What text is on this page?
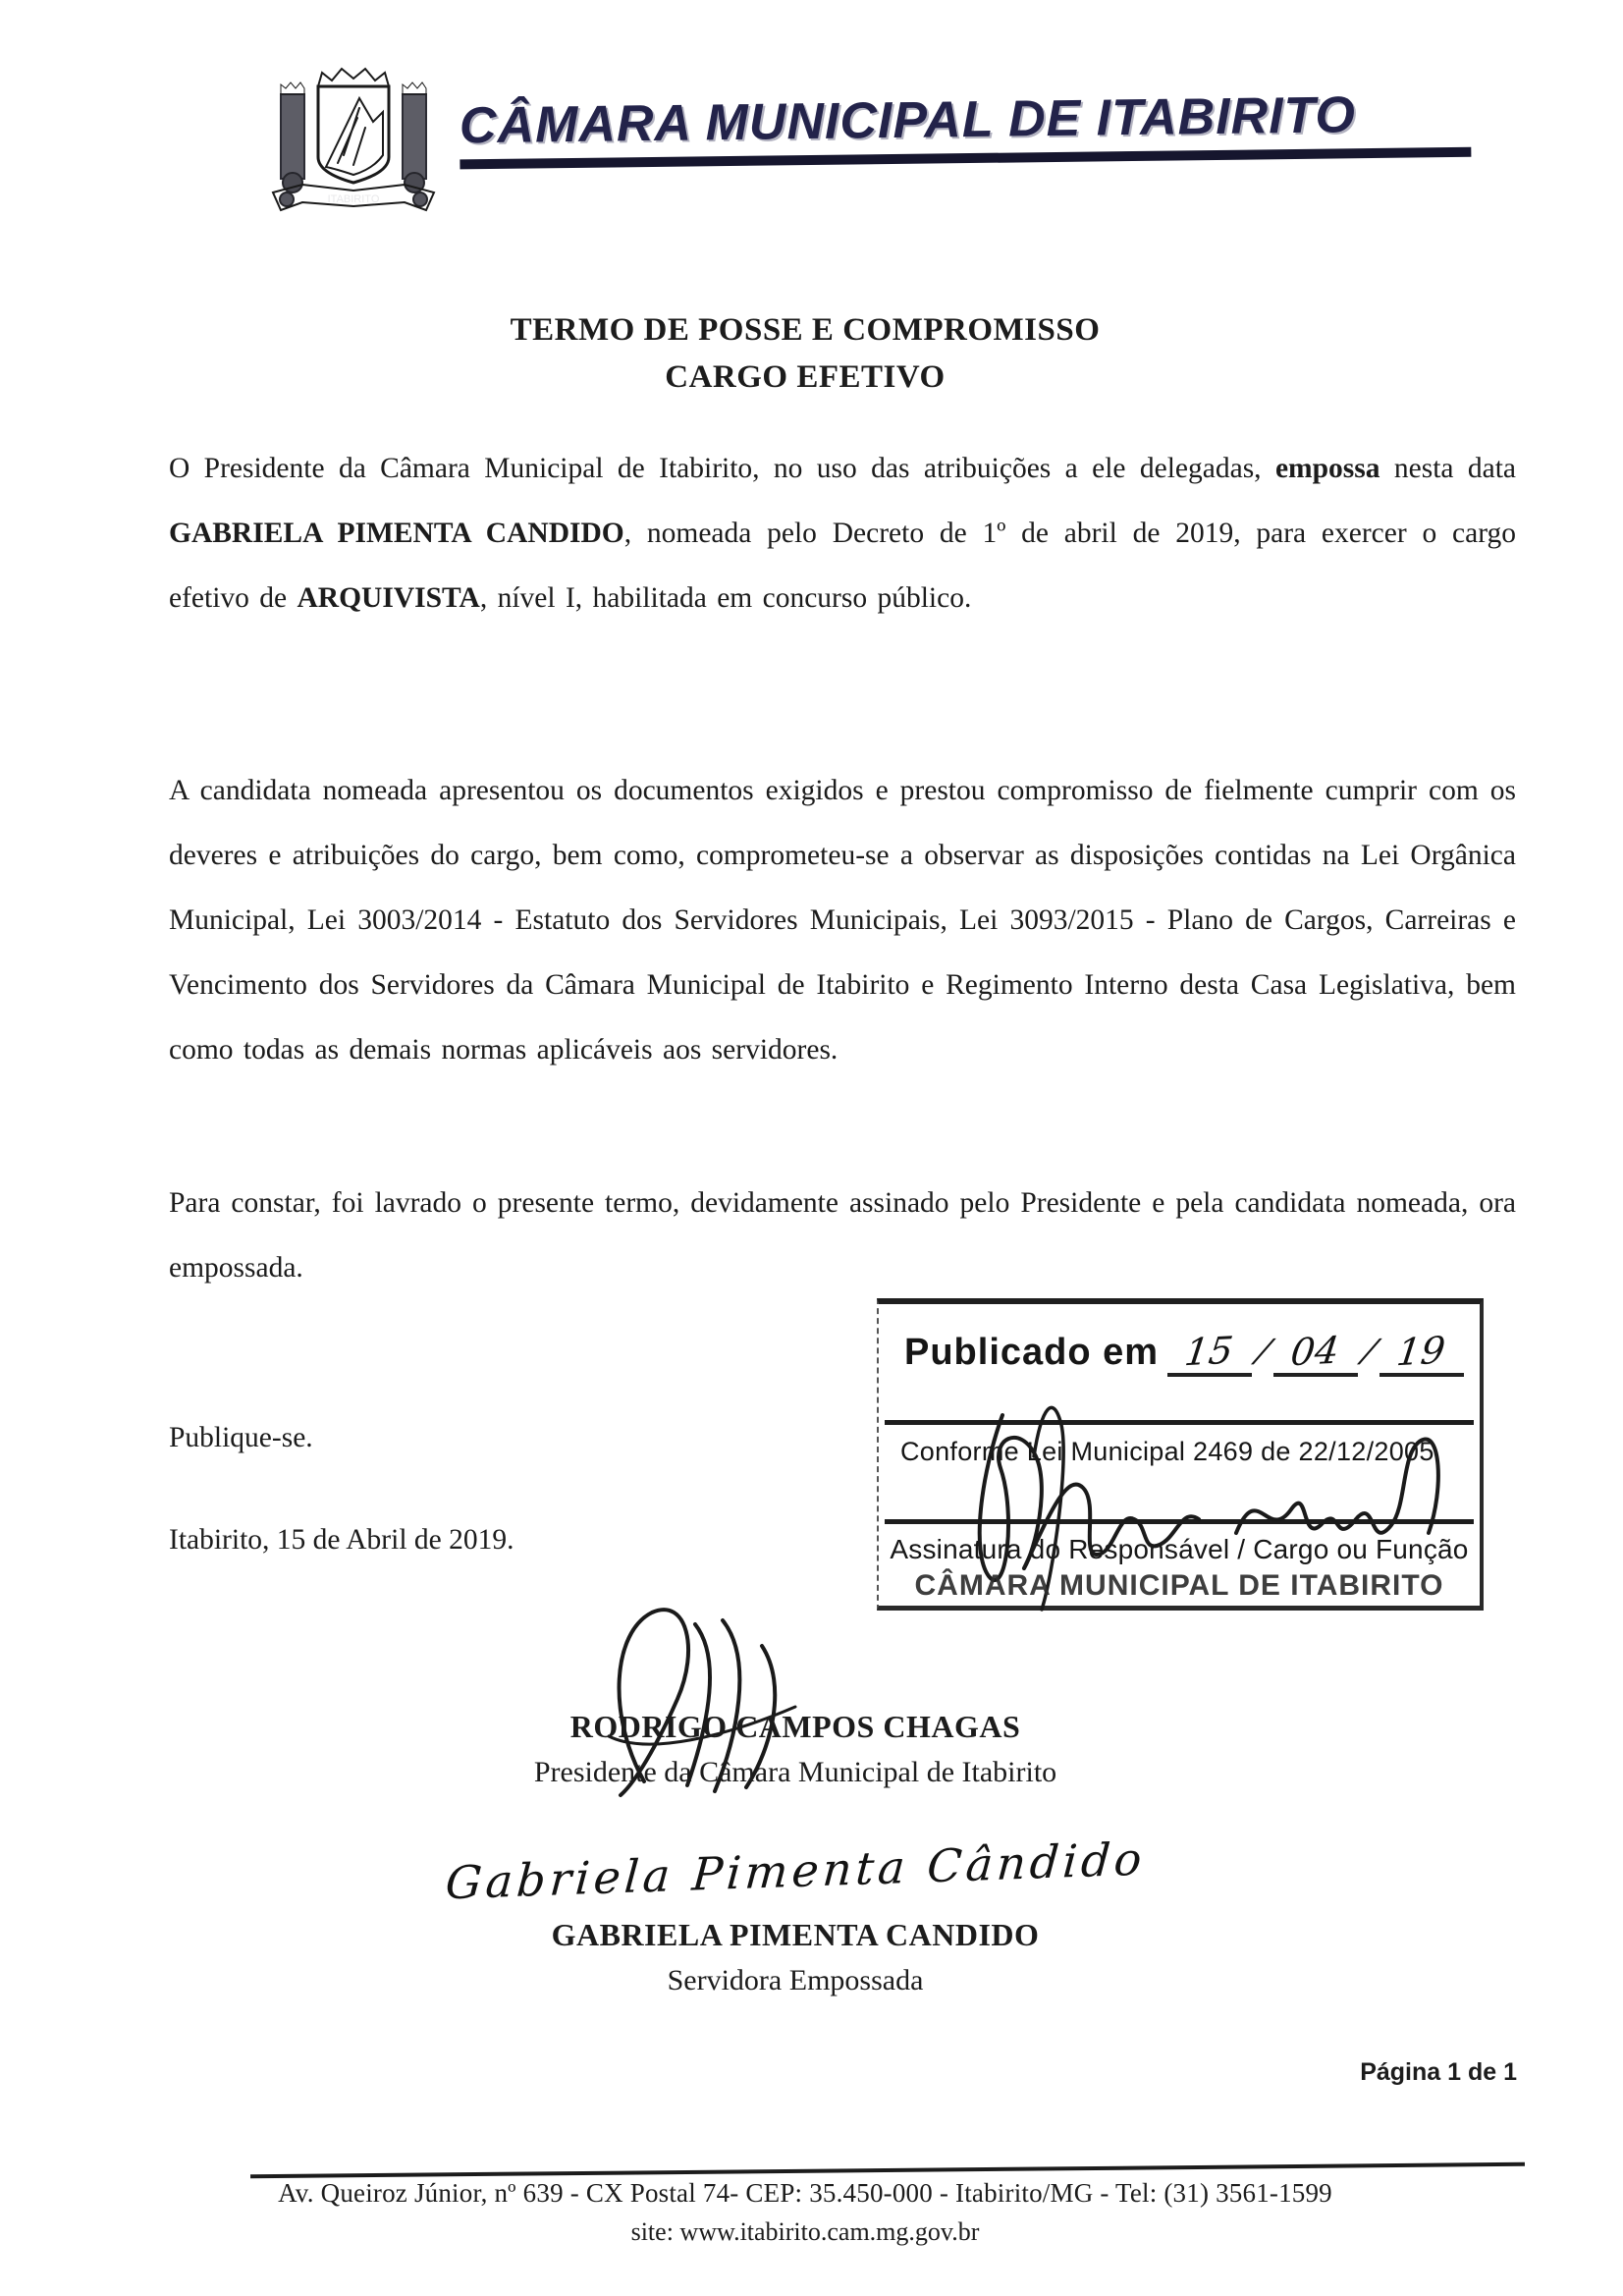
ITABIRITO
CÂMARA MUNICIPAL DE ITABIRITO
TERMO DE POSSE E COMPROMISSO
CARGO EFETIVO
O Presidente da Câmara Municipal de Itabirito, no uso das atribuições a ele delegadas, empossa nesta data GABRIELA PIMENTA CANDIDO, nomeada pelo Decreto de 1º de abril de 2019, para exercer o cargo efetivo de ARQUIVISTA, nível I, habilitada em concurso público.
A candidata nomeada apresentou os documentos exigidos e prestou compromisso de fielmente cumprir com os deveres e atribuições do cargo, bem como, comprometeu-se a observar as disposições contidas na Lei Orgânica Municipal, Lei 3003/2014 - Estatuto dos Servidores Municipais, Lei 3093/2015 - Plano de Cargos, Carreiras e Vencimento dos Servidores da Câmara Municipal de Itabirito e Regimento Interno desta Casa Legislativa, bem como todas as demais normas aplicáveis aos servidores.
Para constar, foi lavrado o presente termo, devidamente assinado pelo Presidente e pela candidata nomeada, ora empossada.
Publique-se.
Itabirito, 15 de Abril de 2019.
Publicado em 15 / 04 / 19
Conforme Lei Municipal 2469 de 22/12/2005
Assinatura do Responsável / Cargo ou Função
CÂMARA MUNICIPAL DE ITABIRITO
RODRIGO CAMPOS CHAGAS
Presidente da Câmara Municipal de Itabirito
Gabriela Pimenta Cândido
GABRIELA PIMENTA CANDIDO
Servidora Empossada
Página 1 de 1
Av. Queiroz Júnior, nº 639 - CX Postal 74- CEP: 35.450-000 - Itabirito/MG - Tel: (31) 3561-1599
site: www.itabirito.cam.mg.gov.br
